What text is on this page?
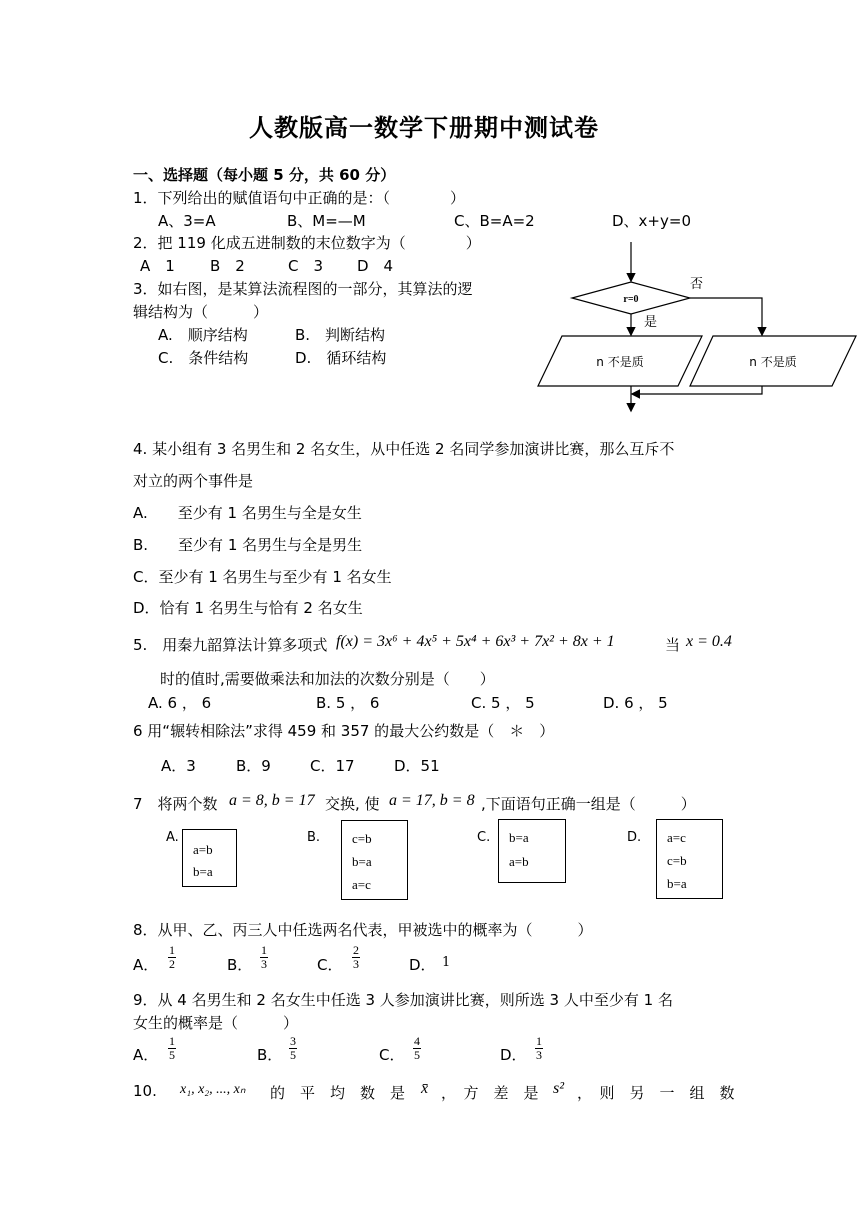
人教版高一数学下册期中测试卷
一、选择题（每小题 5 分，共 60 分）
1．下列给出的赋值语句中正确的是：（　　　　）
A、3=A	B、M=—M	C、B=A=2	D、x+y=0
2．把 119 化成五进制数的末位数字为（　　　　）
A　1 B　2	C　3 D　4
3．如右图，是某算法流程图的一部分，其算法的逻
辑结构为（　　　）
A.　顺序结构	B.　判断结构
C.　条件结构	D.　循环结构
r=0
否
是
n 不是质	n 不是质
4. 某小组有 3 名男生和 2 名女生，从中任选 2 名同学参加演讲比赛，那么互斥不
对立的两个事件是
A.　　至少有 1 名男生与全是女生
B.　　至少有 1 名男生与全是男生
C．至少有 1 名男生与至少有 1 名女生
D．恰有 1 名男生与恰有 2 名女生
5.　用秦九韶算法计算多项式 f(x) = 3x⁶ + 4x⁵ + 5x⁴ + 6x³ + 7x² + 8x + 1	当 x = 0.4
时的值时,需要做乘法和加法的次数分别是（　　）
A. 6 ， 6	B. 5 ， 6	C. 5 ， 5	D. 6 ， 5
6 用“辗转相除法”求得 459 和 357 的最大公约数是（　＊　）
A．3	B．9	C．17	D．51
7　将两个数 a = 8, b = 17 交换, 使 a = 17, b = 8 ,下面语句正确一组是（　　　）
A.
a=b
b=a
B. c=b
b=a
a=c
C. b=a
a=b
D. a=c
c=b
b=a
8．从甲、乙、丙三人中任选两名代表，甲被选中的概率为（　　　）
A． $\frac{1}{2}$	B． $\frac{1}{3}$	C． $\frac{2}{3}$	D． 1
9．从 4 名男生和 2 名女生中任选 3 人参加演讲比赛，则所选 3 人中至少有 1 名
女生的概率是（　　　）
A． $\frac{1}{5}$	B． $\frac{3}{5}$	C． $\frac{4}{5}$	D． $\frac{1}{3}$
10. x₁, x₂, ..., xₙ 的　平　均　数　是 x̄ ，　方　差　是 s² ，　则　另　一　组　数
